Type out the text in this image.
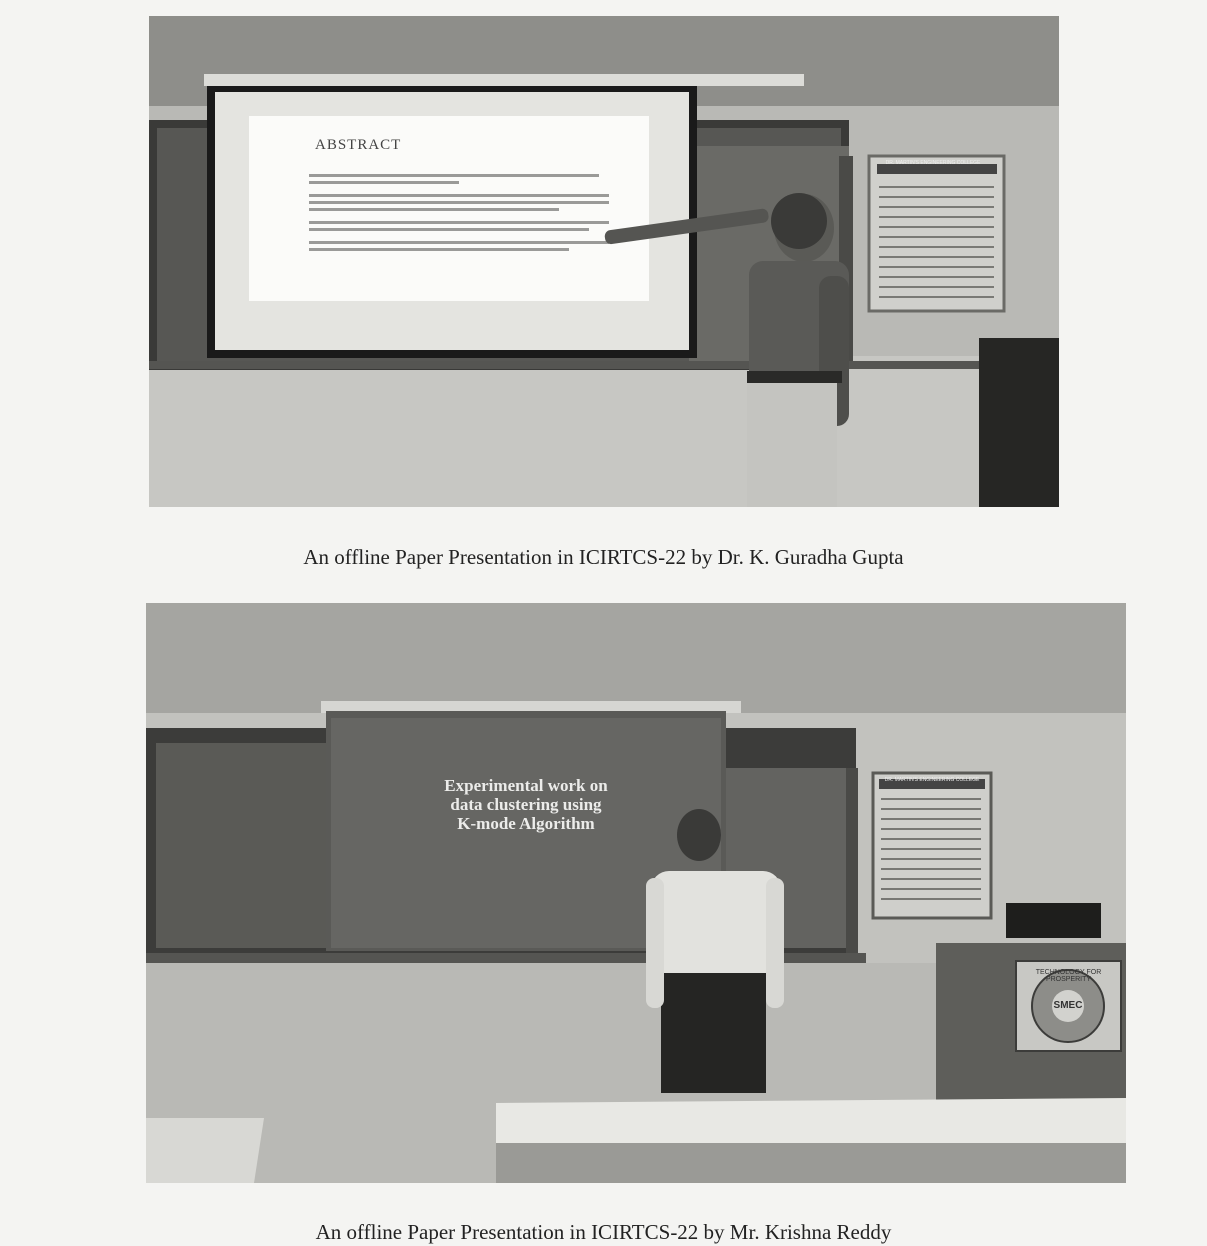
ABSTRACT
DR. MARTIN'S ENGINEERING COLLEGE
An offline Paper Presentation in ICIRTCS-22 by Dr. K. Guradha Gupta
Experimental work on
data clustering using
K-mode Algorithm
DR. MARTIN'S ENGINEERING COLLEGE
TECHNOLOGY FOR PROSPERITY
SMEC
An offline Paper Presentation in ICIRTCS-22 by Mr. Krishna Reddy
